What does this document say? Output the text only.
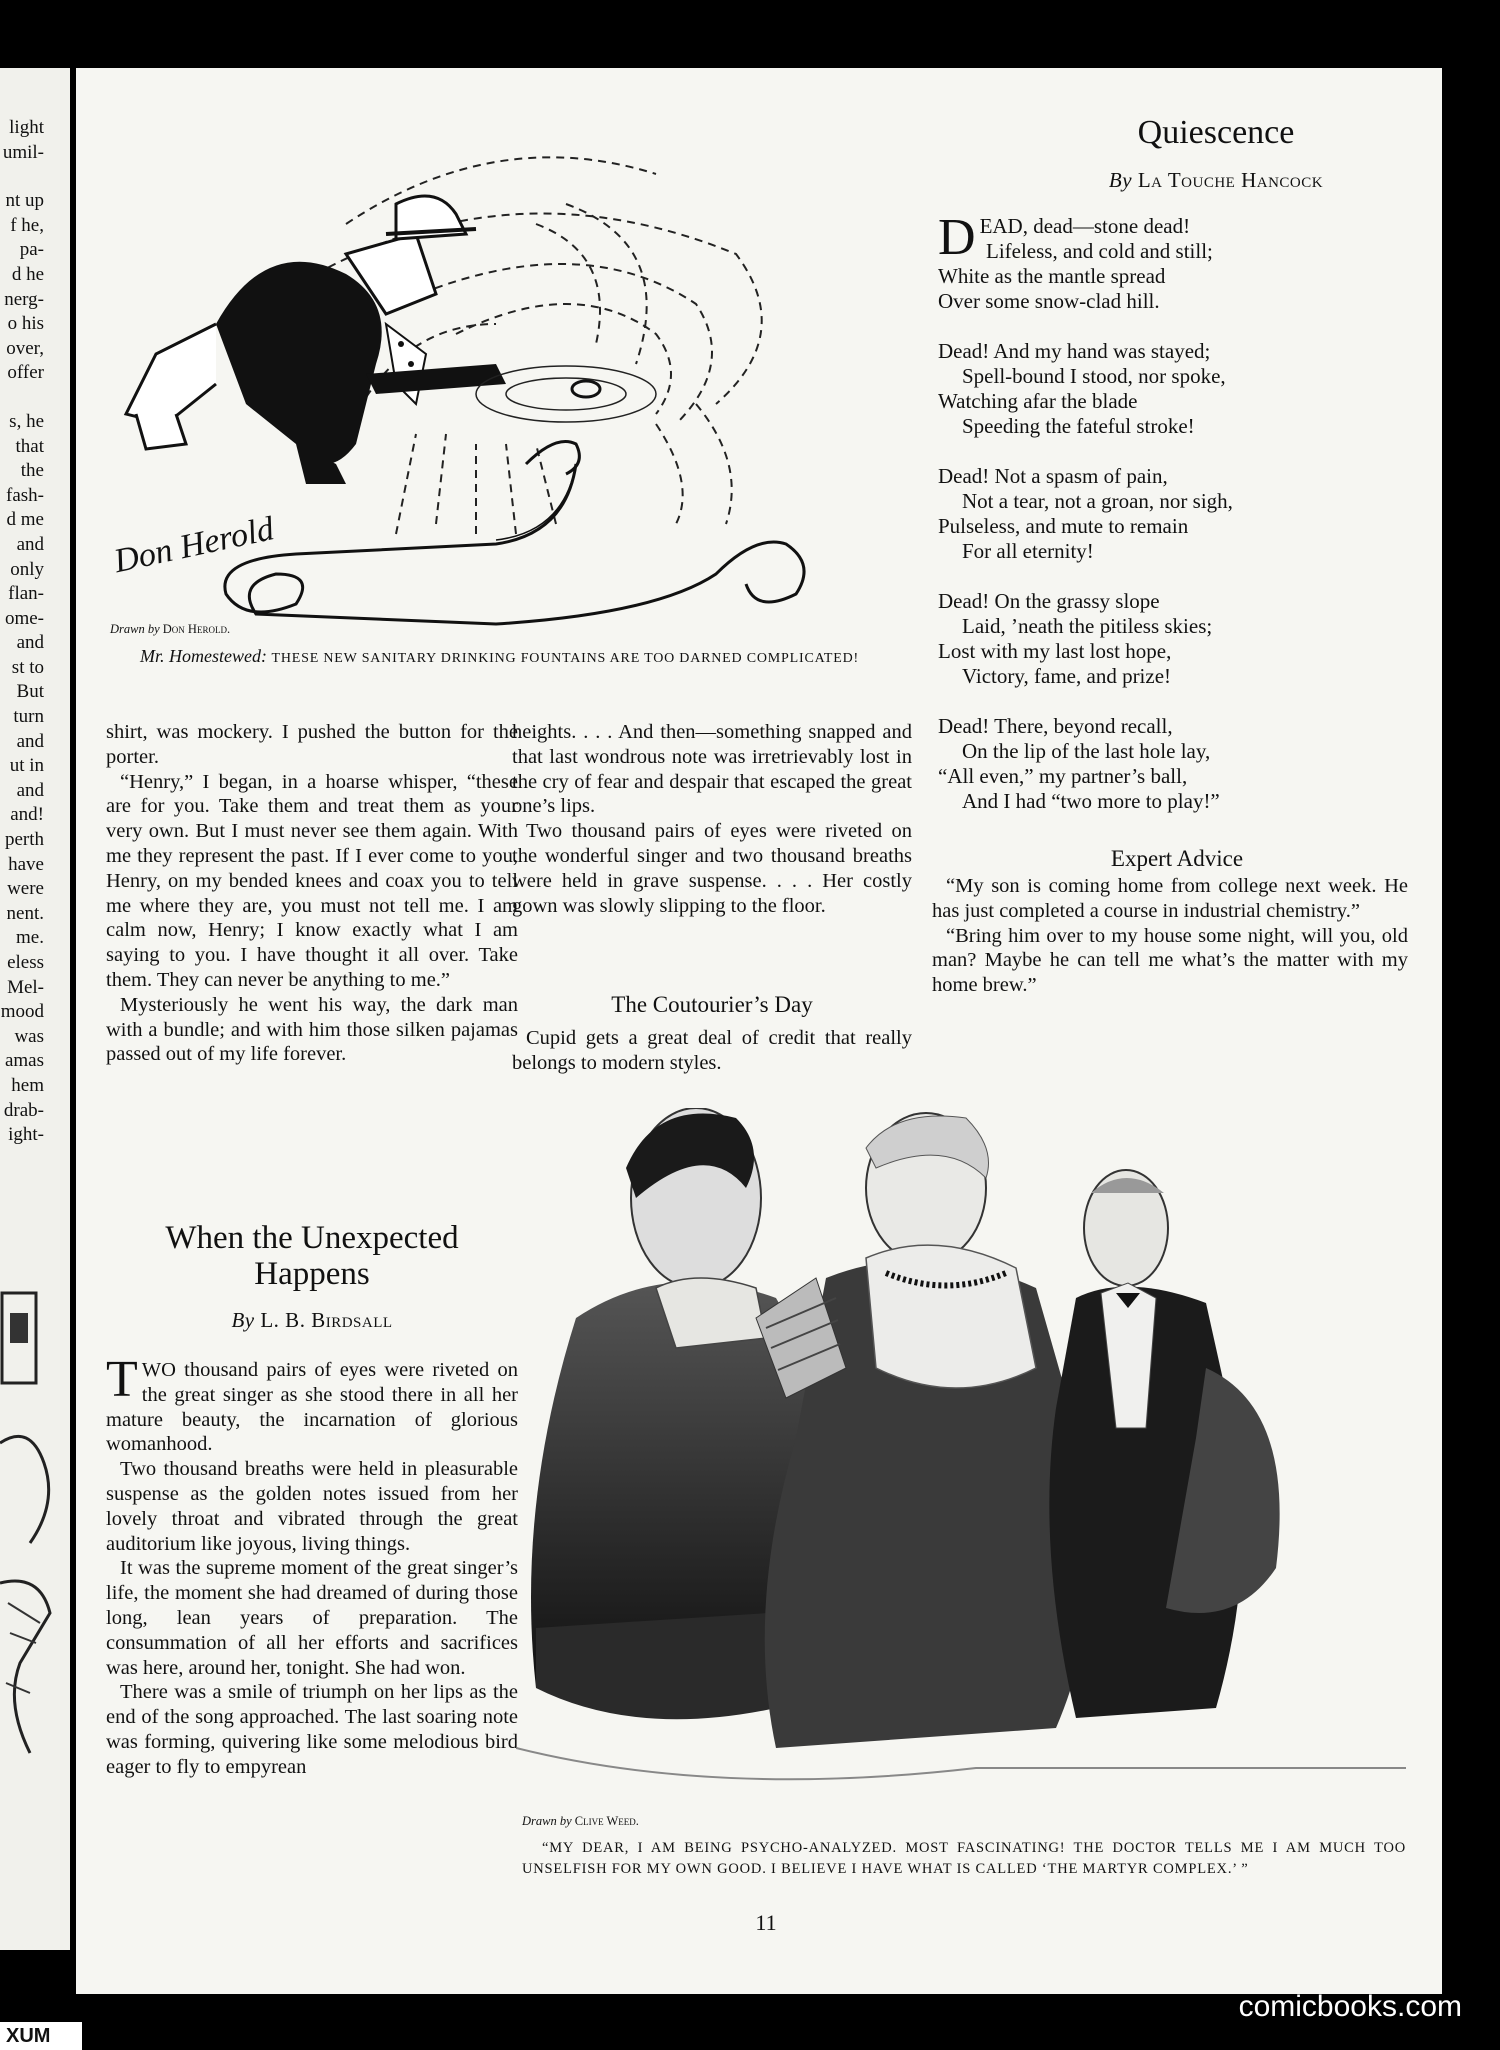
light
umil-
nt up
f he,
pa-
d he
nerg-
o his
over,
offer
s, he
that
the
fash-
d me
and
only
flan-
ome-
and
st to
But
turn
and
ut in
and
and!
perth
have
were
nent.
me.
eless
Mel-
mood
was
amas
hem
drab-
ight-
Don Herold
Drawn by Don Herold.
Mr. Homestewed: THESE NEW SANITARY DRINKING FOUNTAINS ARE TOO DARNED COMPLICATED!
Quiescence
By La Touche Hancock
DEAD, dead—stone dead!
Lifeless, and cold and still;
White as the mantle spread
Over some snow-clad hill.
Dead! And my hand was stayed;
Spell-bound I stood, nor spoke,
Watching afar the blade
Speeding the fateful stroke!
Dead! Not a spasm of pain,
Not a tear, not a groan, nor sigh,
Pulseless, and mute to remain
For all eternity!
Dead! On the grassy slope
Laid, ’neath the pitiless skies;
Lost with my last lost hope,
Victory, fame, and prize!
Dead! There, beyond recall,
On the lip of the last hole lay,
“All even,” my partner’s ball,
And I had “two more to play!”

shirt, was mockery. I pushed the button for the porter.

“Henry,” I began, in a hoarse whisper, “these are for you. Take them and treat them as your very own. But I must never see them again. With me they represent the past. If I ever come to you, Henry, on my bended knees and coax you to tell me where they are, you must not tell me. I am calm now, Henry; I know exactly what I am saying to you. I have thought it all over. Take them. They can never be anything to me.”

Mysteriously he went his way, the dark man with a bundle; and with him those silken pajamas passed out of my life forever.

When the Unexpected Happens
By L. B. Birdsall

TWO thousand pairs of eyes were riveted on the great singer as she stood there in all her mature beauty, the incarnation of glorious womanhood.

Two thousand breaths were held in pleasurable suspense as the golden notes issued from her lovely throat and vibrated through the great auditorium like joyous, living things.

It was the supreme moment of the great singer’s life, the moment she had dreamed of during those long, lean years of preparation. The consummation of all her efforts and sacrifices was here, around her, tonight. She had won.

There was a smile of triumph on her lips as the end of the song approached. The last soaring note was forming, quivering like some melodious bird eager to fly to empyrean

heights. . . . And then—something snapped and that last wondrous note was irretrievably lost in the cry of fear and despair that escaped the great one’s lips.

Two thousand pairs of eyes were riveted on the wonderful singer and two thousand breaths were held in grave suspense. . . . Her costly gown was slowly slipping to the floor.

The Coutourier’s Day

Cupid gets a great deal of credit that really belongs to modern styles.

Expert Advice

“My son is coming home from college next week. He has just completed a course in industrial chemistry.”

“Bring him over to my house some night, will you, old man? Maybe he can tell me what’s the matter with my home brew.”

Drawn by Clive Weed.
“MY DEAR, I AM BEING PSYCHO-ANALYZED. MOST FASCINATING! THE DOCTOR TELLS ME I AM MUCH TOO UNSELFISH FOR MY OWN GOOD. I BELIEVE I HAVE WHAT IS CALLED ‘THE MARTYR COMPLEX.’ ”
11
comicbooks.com
XUM
